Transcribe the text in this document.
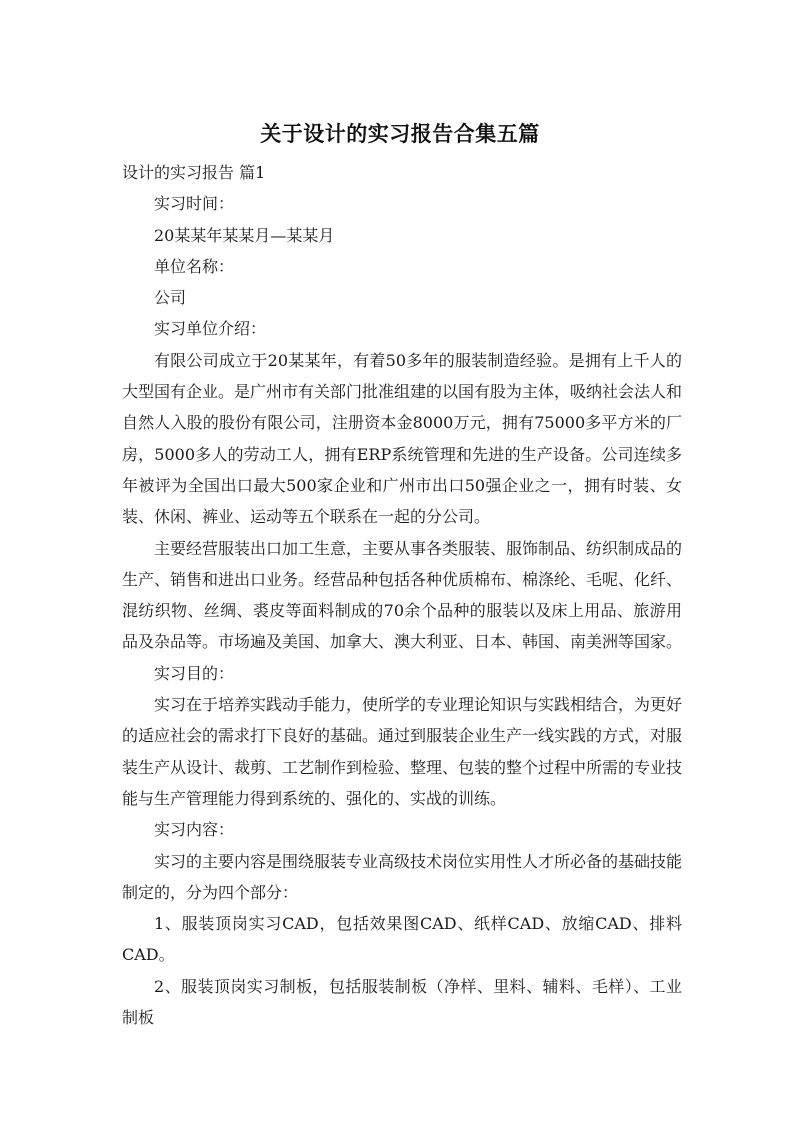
关于设计的实习报告合集五篇

设计的实习报告 篇1

实习时间：

20某某年某某月—某某月

单位名称：

公司

实习单位介绍：

有限公司成立于20某某年，有着50多年的服装制造经验。是拥有上千人的大型国有企业。是广州市有关部门批准组建的以国有股为主体，吸纳社会法人和自然人入股的股份有限公司，注册资本金8000万元，拥有75000多平方米的厂房，5000多人的劳动工人，拥有ERP系统管理和先进的生产设备。公司连续多年被评为全国出口最大500家企业和广州市出口50强企业之一，拥有时装、女装、休闲、裤业、运动等五个联系在一起的分公司。

主要经营服装出口加工生意，主要从事各类服装、服饰制品、纺织制成品的生产、销售和进出口业务。经营品种包括各种优质棉布、棉涤纶、毛呢、化纤、混纺织物、丝绸、裘皮等面料制成的70余个品种的服装以及床上用品、旅游用品及杂品等。市场遍及美国、加拿大、澳大利亚、日本、韩国、南美洲等国家。

实习目的：

实习在于培养实践动手能力，使所学的专业理论知识与实践相结合，为更好的适应社会的需求打下良好的基础。通过到服装企业生产一线实践的方式，对服装生产从设计、裁剪、工艺制作到检验、整理、包装的整个过程中所需的专业技能与生产管理能力得到系统的、强化的、实战的训练。

实习内容：

实习的主要内容是围绕服装专业高级技术岗位实用性人才所必备的基础技能制定的，分为四个部分：

1、服装顶岗实习CAD，包括效果图CAD、纸样CAD、放缩CAD、排料CAD。

2、服装顶岗实习制板，包括服装制板（净样、里料、辅料、毛样）、工业制板
